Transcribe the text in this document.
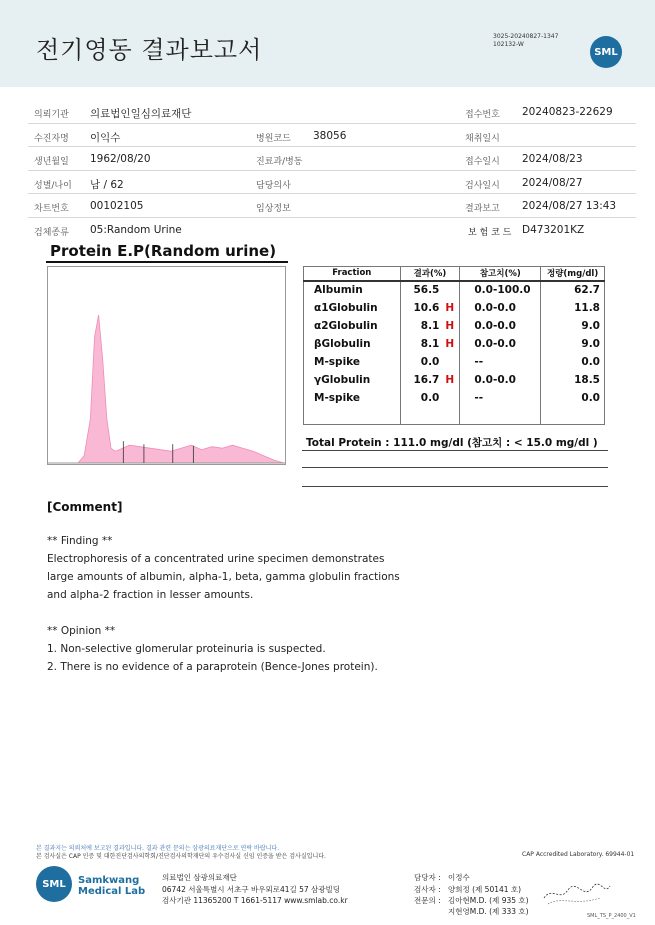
전기영동 결과보고서	3025-20240827-1347
102132-W
SML
의뢰기관 의료법인일심의료재단	접수번호 20240823-22629
수진자명 이익수	병원코드 38056	채취일시
생년월일 1962/08/20	진료과/병동	접수일시 2024/08/23
성별/나이 남 / 62	담당의사	검사일시 2024/08/27
차트번호 00102105	임상정보	결과보고 2024/08/27 13:43
검체종류 05:Random Urine	보 험 코 드 D473201KZ
Protein E.P(Random urine)
Fraction	결과(%)	참고치(%)	정량(mg/dl)
Albumin	56.5	0.0-100.0	62.7
α1Globulin	10.6 H	0.0-0.0	11.8
α2Globulin	8.1 H	0.0-0.0	9.0
βGlobulin	8.1 H	0.0-0.0	9.0
M-spike	0.0	--	0.0
γGlobulin	16.7 H	0.0-0.0	18.5
M-spike	0.0	--	0.0

Total Protein : 111.0 mg/dl (참고치 : < 15.0 mg/dl )
[Comment]
** Finding **
Electrophoresis of a concentrated urine specimen demonstrates
large amounts of albumin, alpha-1, beta, gamma globulin fractions
and alpha-2 fraction in lesser amounts.
** Opinion **
1. Non-selective glomerular proteinuria is suspected.
2. There is no evidence of a paraprotein (Bence-Jones protein).
본 결과지는 의뢰처에 보고된 결과입니다. 결과 관련 문의는 삼광의료재단으로 연락 바랍니다.
본 검사실은 CAP 인증 및 대한진단검사의학회/진단검사의학재단의 우수검사실 신임 인증을 받은 검사실입니다.	CAP Accredited Laboratory. 69944-01
SML	Samkwang
Medical Lab
의료법인 삼광의료재단
06742 서울특별시 서초구 바우뫼로41길 57 삼광빌딩
검사기관 11365200 T 1661-5117 www.smlab.co.kr
담당자 : 이정수
검사자 : 양희정 (제 50141 호)
전문의 : 김아현M.D. (제 935 호)
지현영M.D. (제 333 호)	SML_TS_P_2400_V1
